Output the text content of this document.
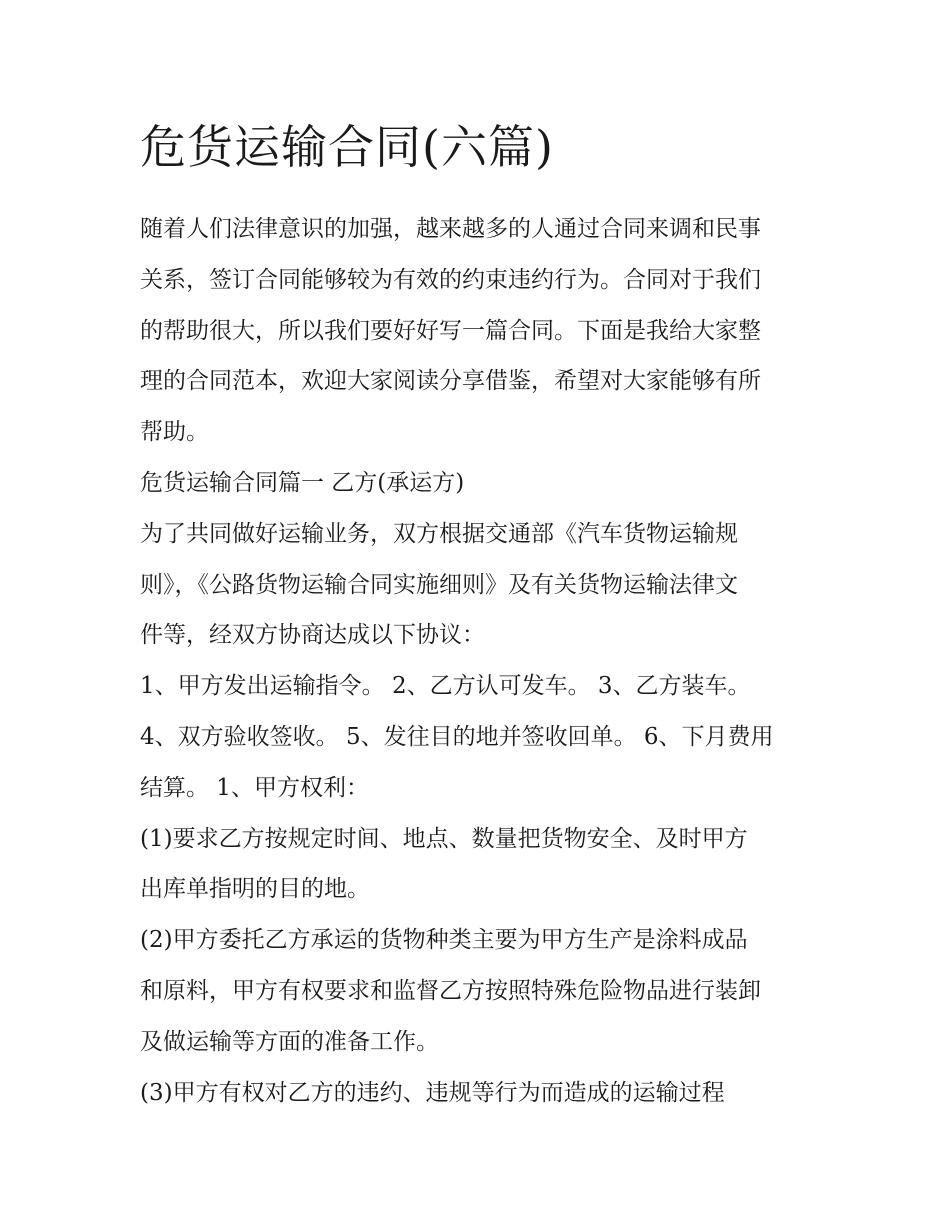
危货运输合同(六篇)

随着人们法律意识的加强，越来越多的人通过合同来调和民事

关系，签订合同能够较为有效的约束违约行为。合同对于我们

的帮助很大，所以我们要好好写一篇合同。下面是我给大家整

理的合同范本，欢迎大家阅读分享借鉴，希望对大家能够有所

帮助。

危货运输合同篇一 乙方(承运方)

为了共同做好运输业务，双方根据交通部《汽车货物运输规

则》，《公路货物运输合同实施细则》及有关货物运输法律文

件等，经双方协商达成以下协议：

1、甲方发出运输指令。 2、乙方认可发车。 3、乙方装车。

4、双方验收签收。 5、发往目的地并签收回单。 6、下月费用

结算。 1、甲方权利：

(1)要求乙方按规定时间、地点、数量把货物安全、及时甲方

出库单指明的目的地。

(2)甲方委托乙方承运的货物种类主要为甲方生产是涂料成品

和原料，甲方有权要求和监督乙方按照特殊危险物品进行装卸

及做运输等方面的准备工作。

(3)甲方有权对乙方的违约、违规等行为而造成的运输过程
